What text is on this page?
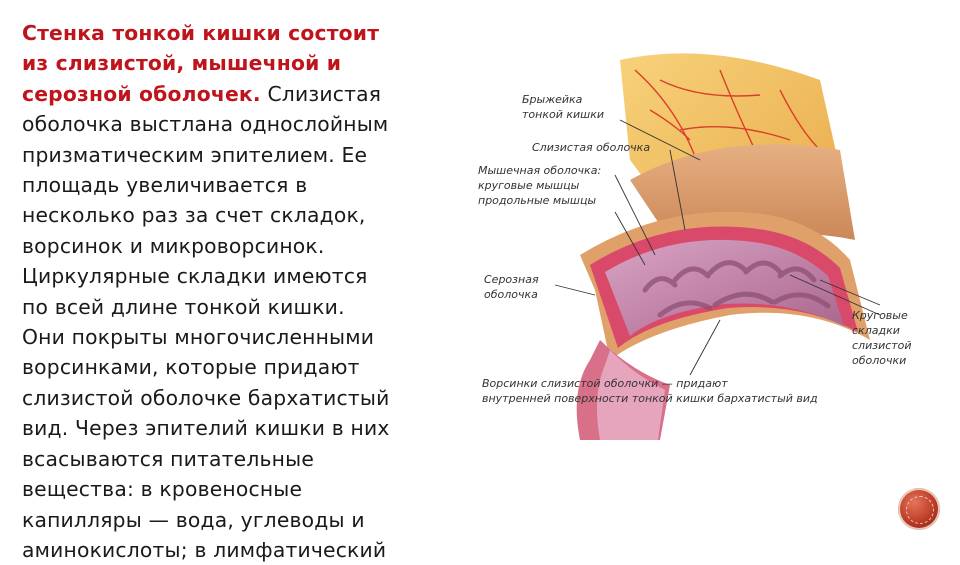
Стенка тонкой кишки состоит
из слизистой, мышечной и
серозной оболочек. Слизистая
оболочка выстлана однослойным
призматическим эпителием. Ее
площадь увеличивается в
несколько раз за счет складок,
ворсинок и микроворсинок.
Циркулярные складки имеются
по всей длине тонкой кишки.
Они покрыты многочисленными
ворсинками, которые придают
слизистой оболочке бархатистый
вид. Через эпителий кишки в них
всасываются питательные
вещества: в кровеносные
капилляры — вода, углеводы и
аминокислоты; в лимфатический
Брыжейка
тонкой кишки
Слизистая оболочка
Мышечная оболочка:
круговые мышцы
продольные мышцы
Серозная
оболочка
Круговые
складки
слизистой
оболочки
Ворсинки слизистой оболочки — придают
внутренней поверхности тонкой кишки бархатистый вид
